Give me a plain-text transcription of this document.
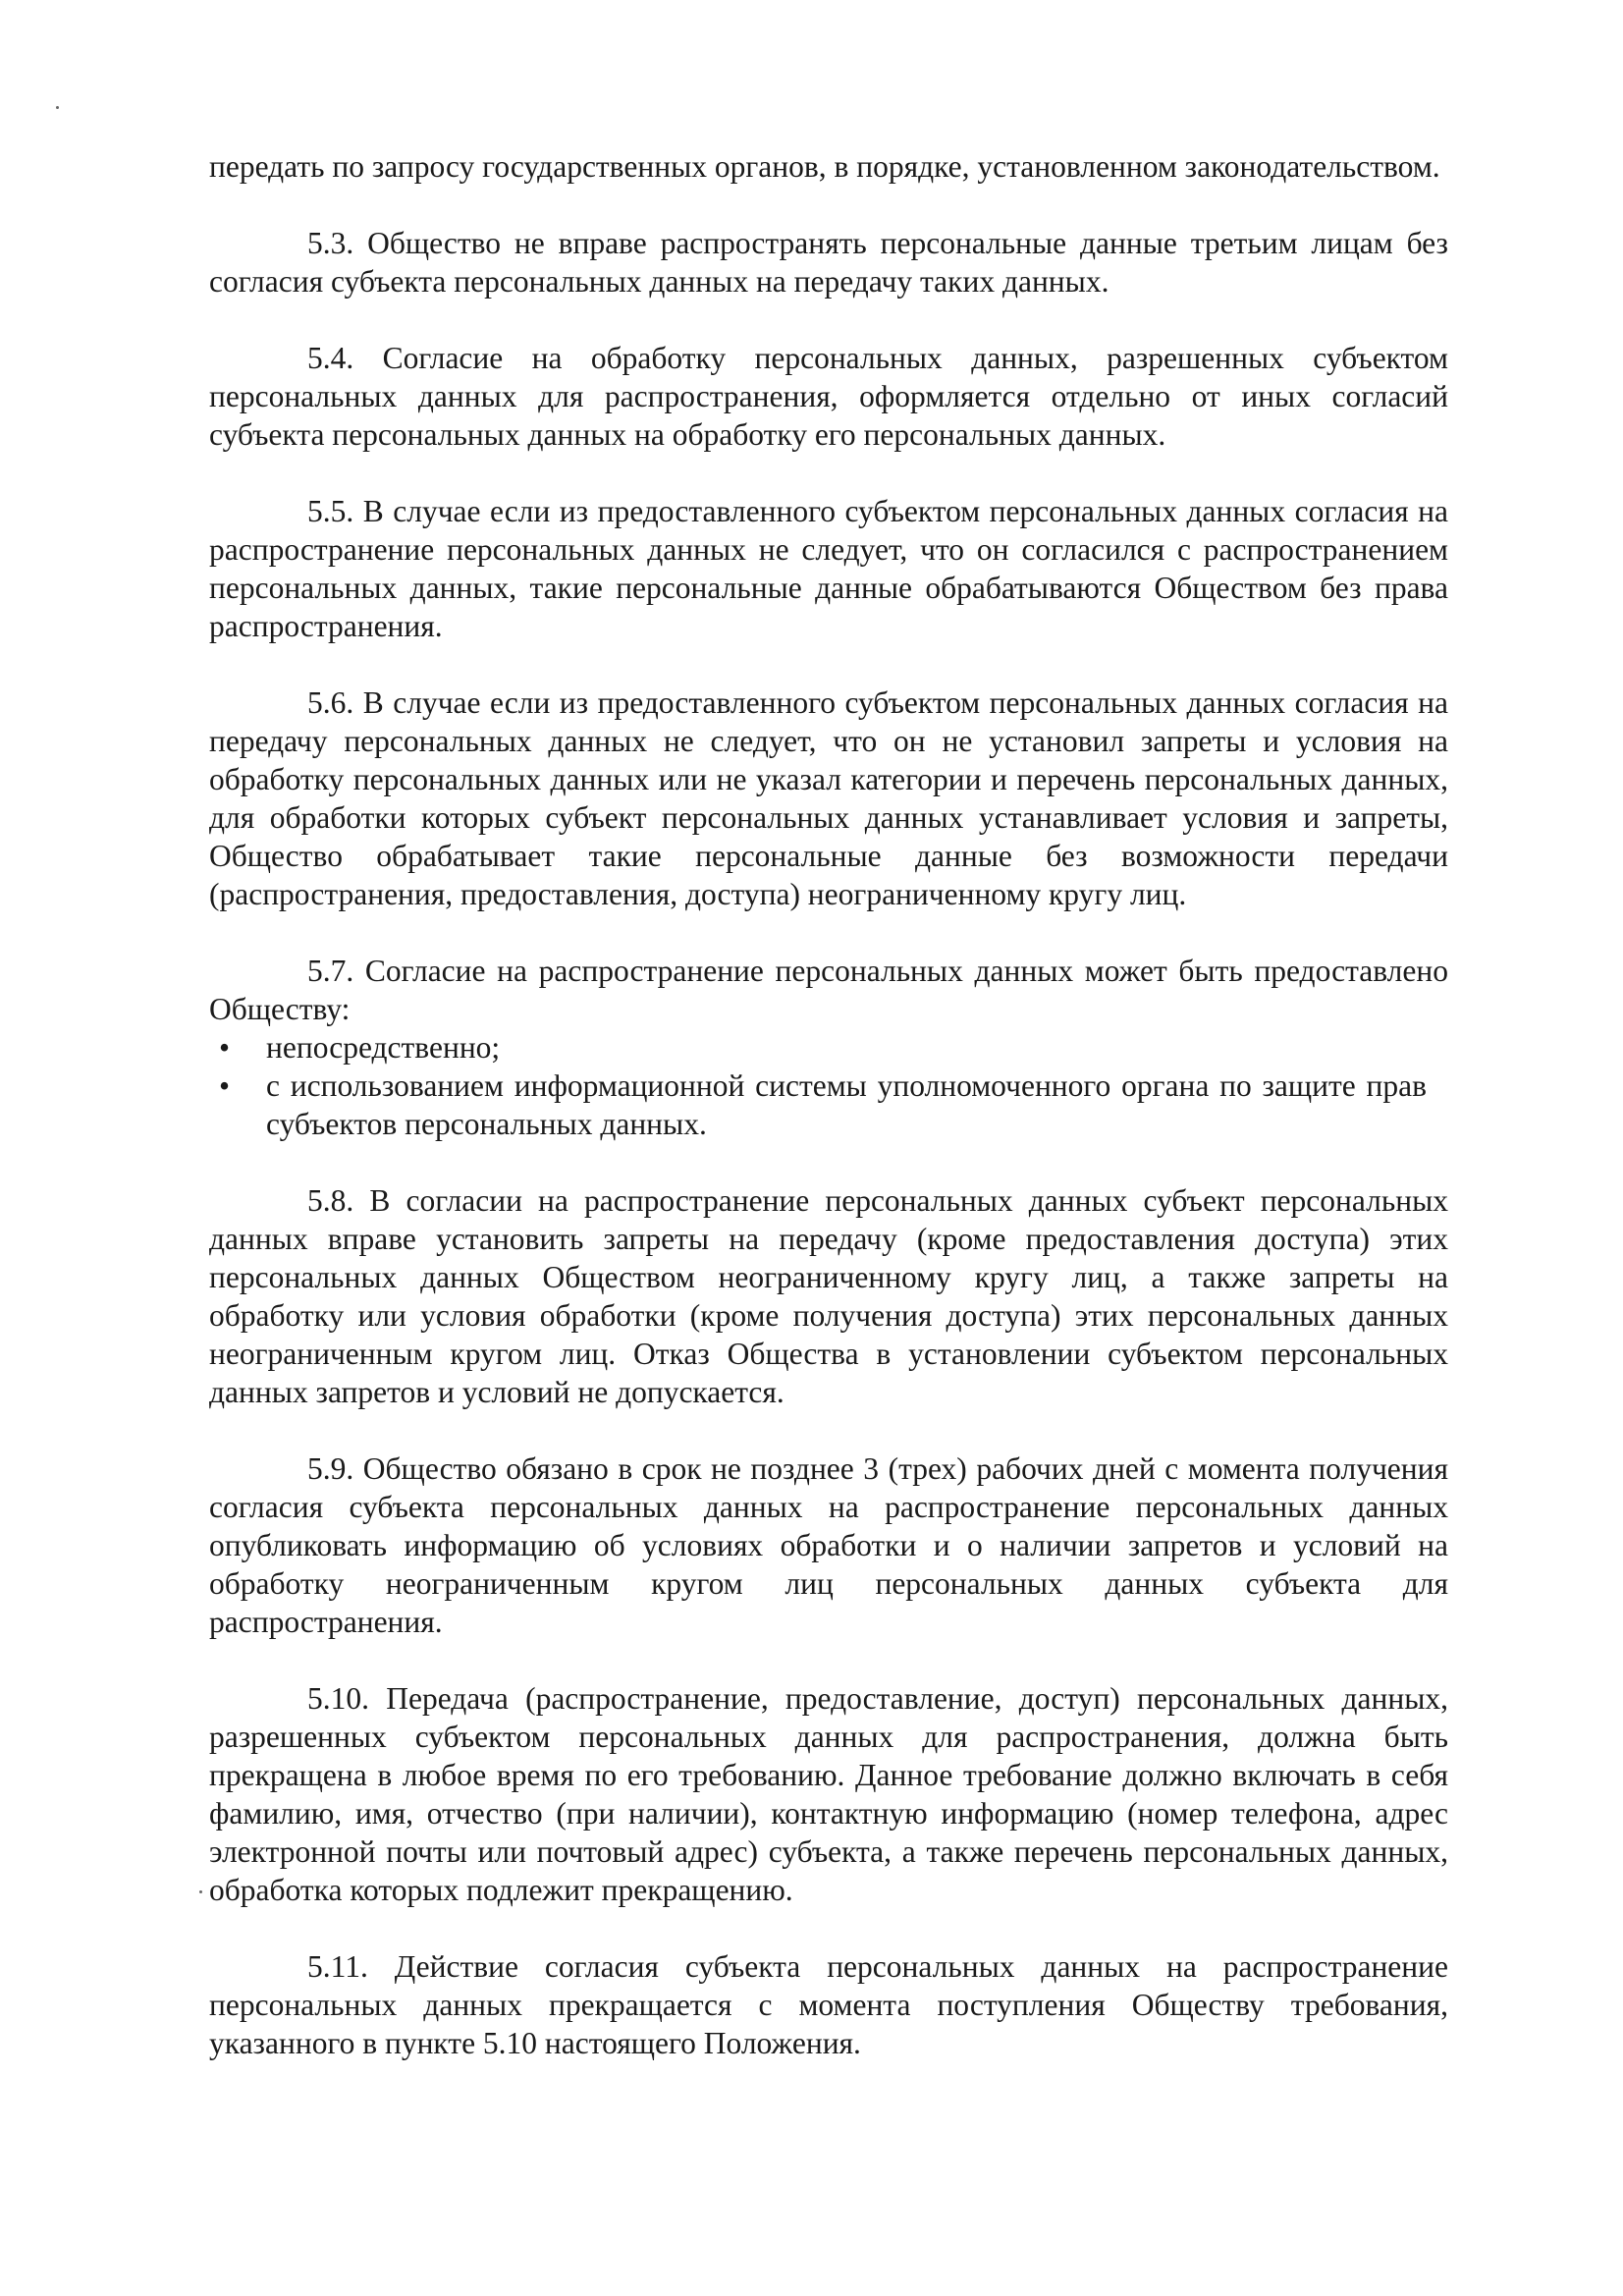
передать по запросу государственных органов, в порядке, установленном законодательством.

5.3. Общество не вправе распространять персональные данные третьим лицам без согласия субъекта персональных данных на передачу таких данных.

5.4. Согласие на обработку персональных данных, разрешенных субъектом персональных данных для распространения, оформляется отдельно от иных согласий субъекта персональных данных на обработку его персональных данных.

5.5. В случае если из предоставленного субъектом персональных данных согласия на распространение персональных данных не следует, что он согласился с распространением персональных данных, такие персональные данные обрабатываются Обществом без права распространения.

5.6. В случае если из предоставленного субъектом персональных данных согласия на передачу персональных данных не следует, что он не установил запреты и условия на обработку персональных данных или не указал категории и перечень персональных данных, для обработки которых субъект персональных данных устанавливает условия и запреты, Общество обрабатывает такие персональные данные без возможности передачи (распространения, предоставления, доступа) неограниченному кругу лиц.

5.7. Согласие на распространение персональных данных может быть предоставлено Обществу:

• непосредственно;
• с использованием информационной системы уполномоченного органа по защите прав субъектов персональных данных.

5.8. В согласии на распространение персональных данных субъект персональных данных вправе установить запреты на передачу (кроме предоставления доступа) этих персональных данных Обществом неограниченному кругу лиц, а также запреты на обработку или условия обработки (кроме получения доступа) этих персональных данных неограниченным кругом лиц. Отказ Общества в установлении субъектом персональных данных запретов и условий не допускается.

5.9. Общество обязано в срок не позднее 3 (трех) рабочих дней с момента получения согласия субъекта персональных данных на распространение персональных данных опубликовать информацию об условиях обработки и о наличии запретов и условий на обработку неограниченным кругом лиц персональных данных субъекта для распространения.

5.10. Передача (распространение, предоставление, доступ) персональных данных, разрешенных субъектом персональных данных для распространения, должна быть прекращена в любое время по его требованию. Данное требование должно включать в себя фамилию, имя, отчество (при наличии), контактную информацию (номер телефона, адрес электронной почты или почтовый адрес) субъекта, а также перечень персональных данных, обработка которых подлежит прекращению.

5.11. Действие согласия субъекта персональных данных на распространение персональных данных прекращается с момента поступления Обществу требования, указанного в пункте 5.10 настоящего Положения.
